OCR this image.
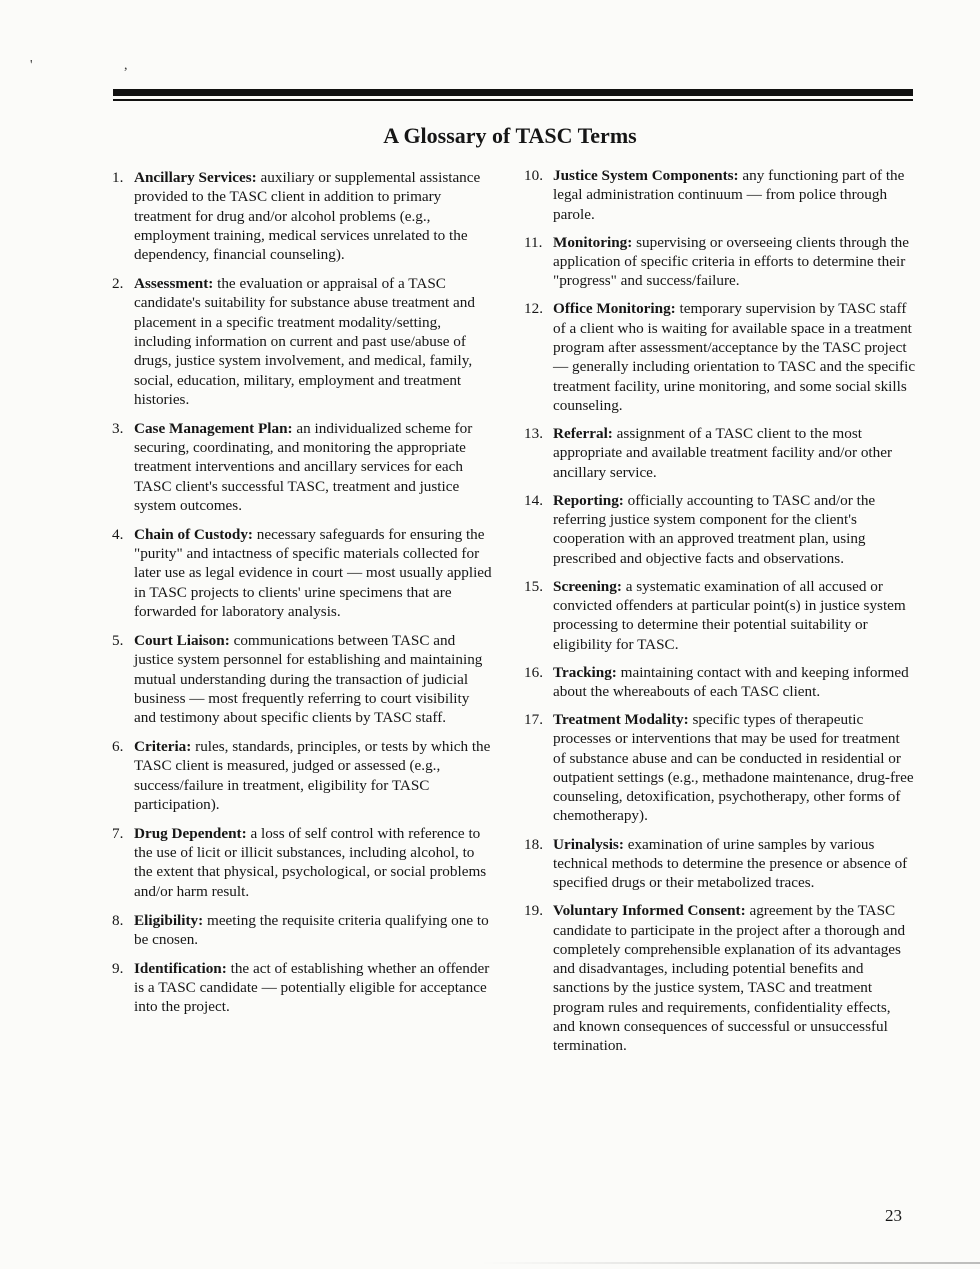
' ,
A Glossary of TASC Terms
1. Ancillary Services: auxiliary or supplemental assistance provided to the TASC client in addition to primary treatment for drug and/or alcohol problems (e.g., employment training, medical services unrelated to the dependency, financial counseling).
2. Assessment: the evaluation or appraisal of a TASC candidate's suitability for substance abuse treatment and placement in a specific treatment modality/setting, including information on current and past use/abuse of drugs, justice system involvement, and medical, family, social, education, military, employment and treatment histories.
3. Case Management Plan: an individualized scheme for securing, coordinating, and monitoring the appropriate treatment interventions and ancillary services for each TASC client's successful TASC, treatment and justice system outcomes.
4. Chain of Custody: necessary safeguards for ensuring the "purity" and intactness of specific materials collected for later use as legal evidence in court — most usually applied in TASC projects to clients' urine specimens that are forwarded for laboratory analysis.
5. Court Liaison: communications between TASC and justice system personnel for establishing and maintaining mutual understanding during the transaction of judicial business — most frequently referring to court visibility and testimony about specific clients by TASC staff.
6. Criteria: rules, standards, principles, or tests by which the TASC client is measured, judged or assessed (e.g., success/failure in treatment, eligibility for TASC participation).
7. Drug Dependent: a loss of self control with reference to the use of licit or illicit substances, including alcohol, to the extent that physical, psychological, or social problems and/or harm result.
8. Eligibility: meeting the requisite criteria qualifying one to be cnosen.
9. Identification: the act of establishing whether an offender is a TASC candidate — potentially eligible for acceptance into the project.
10. Justice System Components: any functioning part of the legal administration continuum — from police through parole.
11. Monitoring: supervising or overseeing clients through the application of specific criteria in efforts to determine their "progress" and success/failure.
12. Office Monitoring: temporary supervision by TASC staff of a client who is waiting for available space in a treatment program after assessment/acceptance by the TASC project — generally including orientation to TASC and the specific treatment facility, urine monitoring, and some social skills counseling.
13. Referral: assignment of a TASC client to the most appropriate and available treatment facility and/or other ancillary service.
14. Reporting: officially accounting to TASC and/or the referring justice system component for the client's cooperation with an approved treatment plan, using prescribed and objective facts and observations.
15. Screening: a systematic examination of all accused or convicted offenders at particular point(s) in justice system processing to determine their potential suitability or eligibility for TASC.
16. Tracking: maintaining contact with and keeping informed about the whereabouts of each TASC client.
17. Treatment Modality: specific types of therapeutic processes or interventions that may be used for treatment of substance abuse and can be conducted in residential or outpatient settings (e.g., methadone maintenance, drug-free counseling, detoxification, psychotherapy, other forms of chemotherapy).
18. Urinalysis: examination of urine samples by various technical methods to determine the presence or absence of specified drugs or their metabolized traces.
19. Voluntary Informed Consent: agreement by the TASC candidate to participate in the project after a thorough and completely comprehensible explanation of its advantages and disadvantages, including potential benefits and sanctions by the justice system, TASC and treatment program rules and requirements, confidentiality effects, and known consequences of successful or unsuccessful termination.
23
